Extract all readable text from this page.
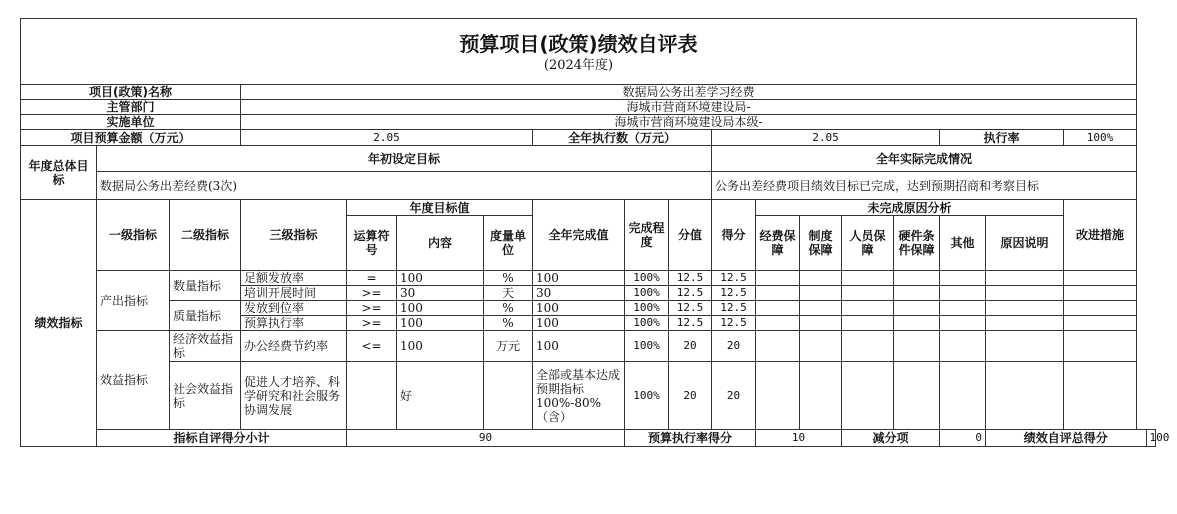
预算项目(政策)绩效自评表
(2024年度)																		

项目(政策)名称			数据局公务出差学习经费															
主管部门			海城市营商环境建设局-															
实施单位			海城市营商环境建设局本级-															
项目预算金额（万元）			2.05				全年执行数（万元）			2.05					执行率		100%	
年度总体目标	年初设定目标									全年实际完成情况								
	数据局公务出差经费(3次)									公务出差经费项目绩效目标已完成，达到预期招商和考察目标								
绩效指标	一级指标	二级指标	三级指标	年度目标值			全年完成值	完成程度	分值	得分	未完成原因分析						改进措施	
				运算符号	内容	度量单位					经费保障	制度保障	人员保障	硬件条件保障	其他	原因说明		
	产出指标	数量指标	足额发放率	=	100	%	100	100%	12.5	12.5								
			培训开展时间	>=	30	天	30	100%	12.5	12.5								
		质量指标	发放到位率	>=	100	%	100	100%	12.5	12.5								
			预算执行率	>=	100	%	100	100%	12.5	12.5								
	效益指标	经济效益指标	办公经费节约率	<=	100	万元	100	100%	20	20								
		社会效益指标	促进人才培养、科学研究和社会服务协调发展		好		全部或基本达成预期指标100%-80%（含）	100%	20	20								
	指标自评得分小计			90				预算执行率得分			10		减分项		0	绩效自评总得分		100
